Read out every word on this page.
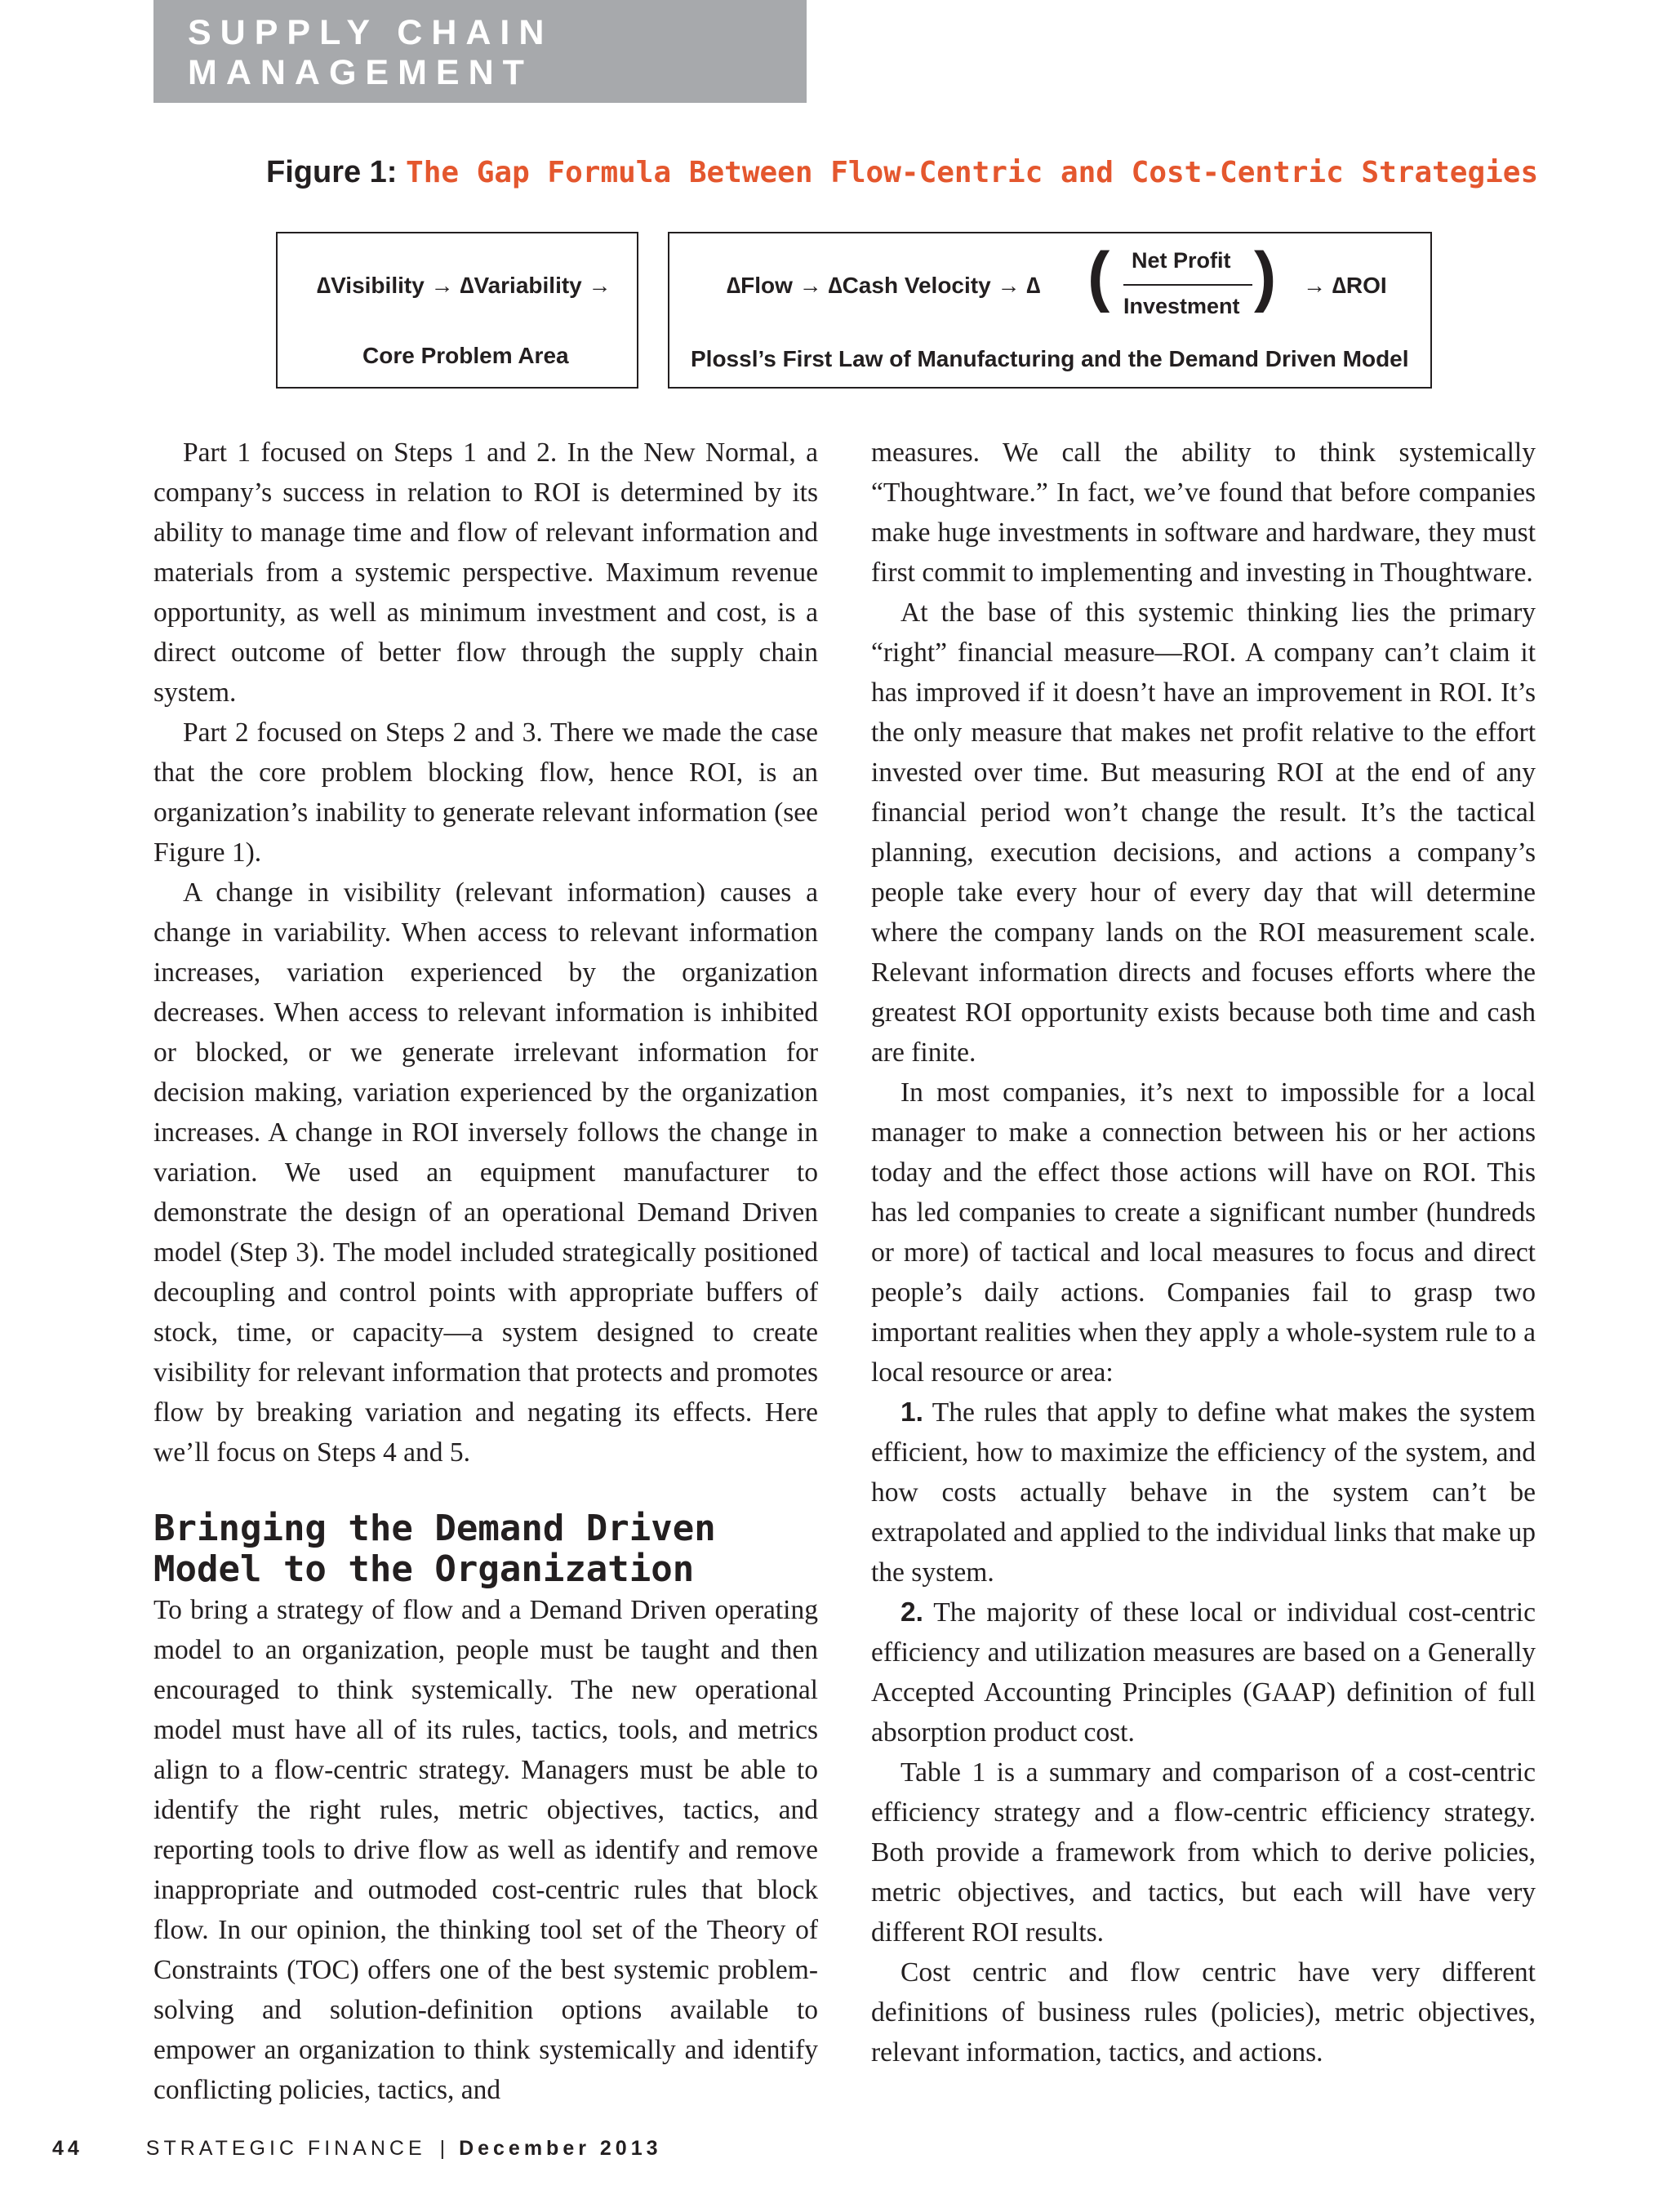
SUPPLY CHAIN MANAGEMENT
Figure 1: The Gap Formula Between Flow-Centric and Cost-Centric Strategies
∆Visibility → ∆Variability →
Core Problem Area
∆Flow → ∆Cash Velocity → ∆ ( Net Profit
Investment ) → ∆ROI
Plossl’s First Law of Manufacturing and the Demand Driven Model

Part 1 focused on Steps 1 and 2. In the New Normal, a company’s success in relation to ROI is determined by its ability to manage time and flow of relevant information and materials from a systemic perspective. Maximum revenue opportunity, as well as minimum investment and cost, is a direct outcome of better flow through the supply chain system.

Part 2 focused on Steps 2 and 3. There we made the case that the core problem blocking flow, hence ROI, is an organization’s inability to generate relevant information (see Figure 1).

A change in visibility (relevant information) causes a change in variability. When access to relevant information increases, variation experienced by the organization decreases. When access to relevant information is inhibited or blocked, or we generate irrelevant information for decision making, variation experienced by the organization increases. A change in ROI inversely follows the change in variation. We used an equipment manufacturer to demonstrate the design of an operational Demand Driven model (Step 3). The model included strategically positioned decoupling and control points with appropriate buffers of stock, time, or capacity—a system designed to create visibility for relevant information that protects and promotes flow by breaking variation and negating its effects. Here we’ll focus on Steps 4 and 5.

Bringing the Demand Driven Model to the Organization

To bring a strategy of flow and a Demand Driven operating model to an organization, people must be taught and then encouraged to think systemically. The new operational model must have all of its rules, tactics, tools, and metrics align to a flow-centric strategy. Managers must be able to identify the right rules, metric objectives, tactics, and reporting tools to drive flow as well as identify and remove inappropriate and outmoded cost-centric rules that block flow. In our opinion, the thinking tool set of the Theory of Constraints (TOC) offers one of the best systemic problem-solving and solution-definition options available to empower an organization to think systemically and identify conflicting policies, tactics, and

measures. We call the ability to think systemically “Thoughtware.” In fact, we’ve found that before companies make huge investments in software and hardware, they must first commit to implementing and investing in Thoughtware.

At the base of this systemic thinking lies the primary “right” financial measure—ROI. A company can’t claim it has improved if it doesn’t have an improvement in ROI. It’s the only measure that makes net profit relative to the effort invested over time. But measuring ROI at the end of any financial period won’t change the result. It’s the tactical planning, execution decisions, and actions a company’s people take every hour of every day that will determine where the company lands on the ROI measurement scale. Relevant information directs and focuses efforts where the greatest ROI opportunity exists because both time and cash are finite.

In most companies, it’s next to impossible for a local manager to make a connection between his or her actions today and the effect those actions will have on ROI. This has led companies to create a significant number (hundreds or more) of tactical and local measures to focus and direct people’s daily actions. Companies fail to grasp two important realities when they apply a whole-system rule to a local resource or area:

1. The rules that apply to define what makes the system efficient, how to maximize the efficiency of the system, and how costs actually behave in the system can’t be extrapolated and applied to the individual links that make up the system.

2. The majority of these local or individual cost-centric efficiency and utilization measures are based on a Generally Accepted Accounting Principles (GAAP) definition of full absorption product cost.

Table 1 is a summary and comparison of a cost-centric efficiency strategy and a flow-centric efficiency strategy. Both provide a framework from which to derive policies, metric objectives, and tactics, but each will have very different ROI results.

Cost centric and flow centric have very different definitions of business rules (policies), metric objectives, relevant information, tactics, and actions.

44	STRATEGIC FINANCE | December 2013
